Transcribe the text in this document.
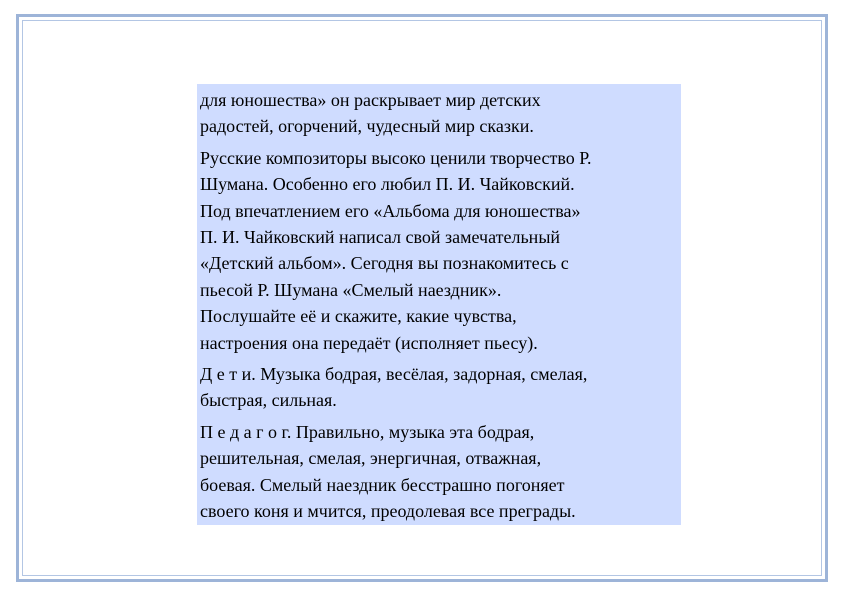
для юношества» он раскрывает мир детских
радостей, огорчений, чудесный мир сказки.

Русские композиторы высоко ценили творчество Р.
Шумана. Особенно его любил П. И. Чайковский.
Под впечатлением его «Альбома для юношества»
П. И. Чайковский написал свой замечательный
«Детский альбом». Сегодня вы познакомитесь с
пьесой Р. Шумана «Смелый наездник».
Послушайте её и скажите, какие чувства,
настроения она передаёт (исполняет пьесу).

Д е т и. Музыка бодрая, весёлая, задорная, смелая,
быстрая, сильная.

П е д а г о г. Правильно, музыка эта бодрая,
решительная, смелая, энергичная, отважная,
боевая. Смелый наездник бесстрашно погоняет
своего коня и мчится, преодолевая все преграды.
